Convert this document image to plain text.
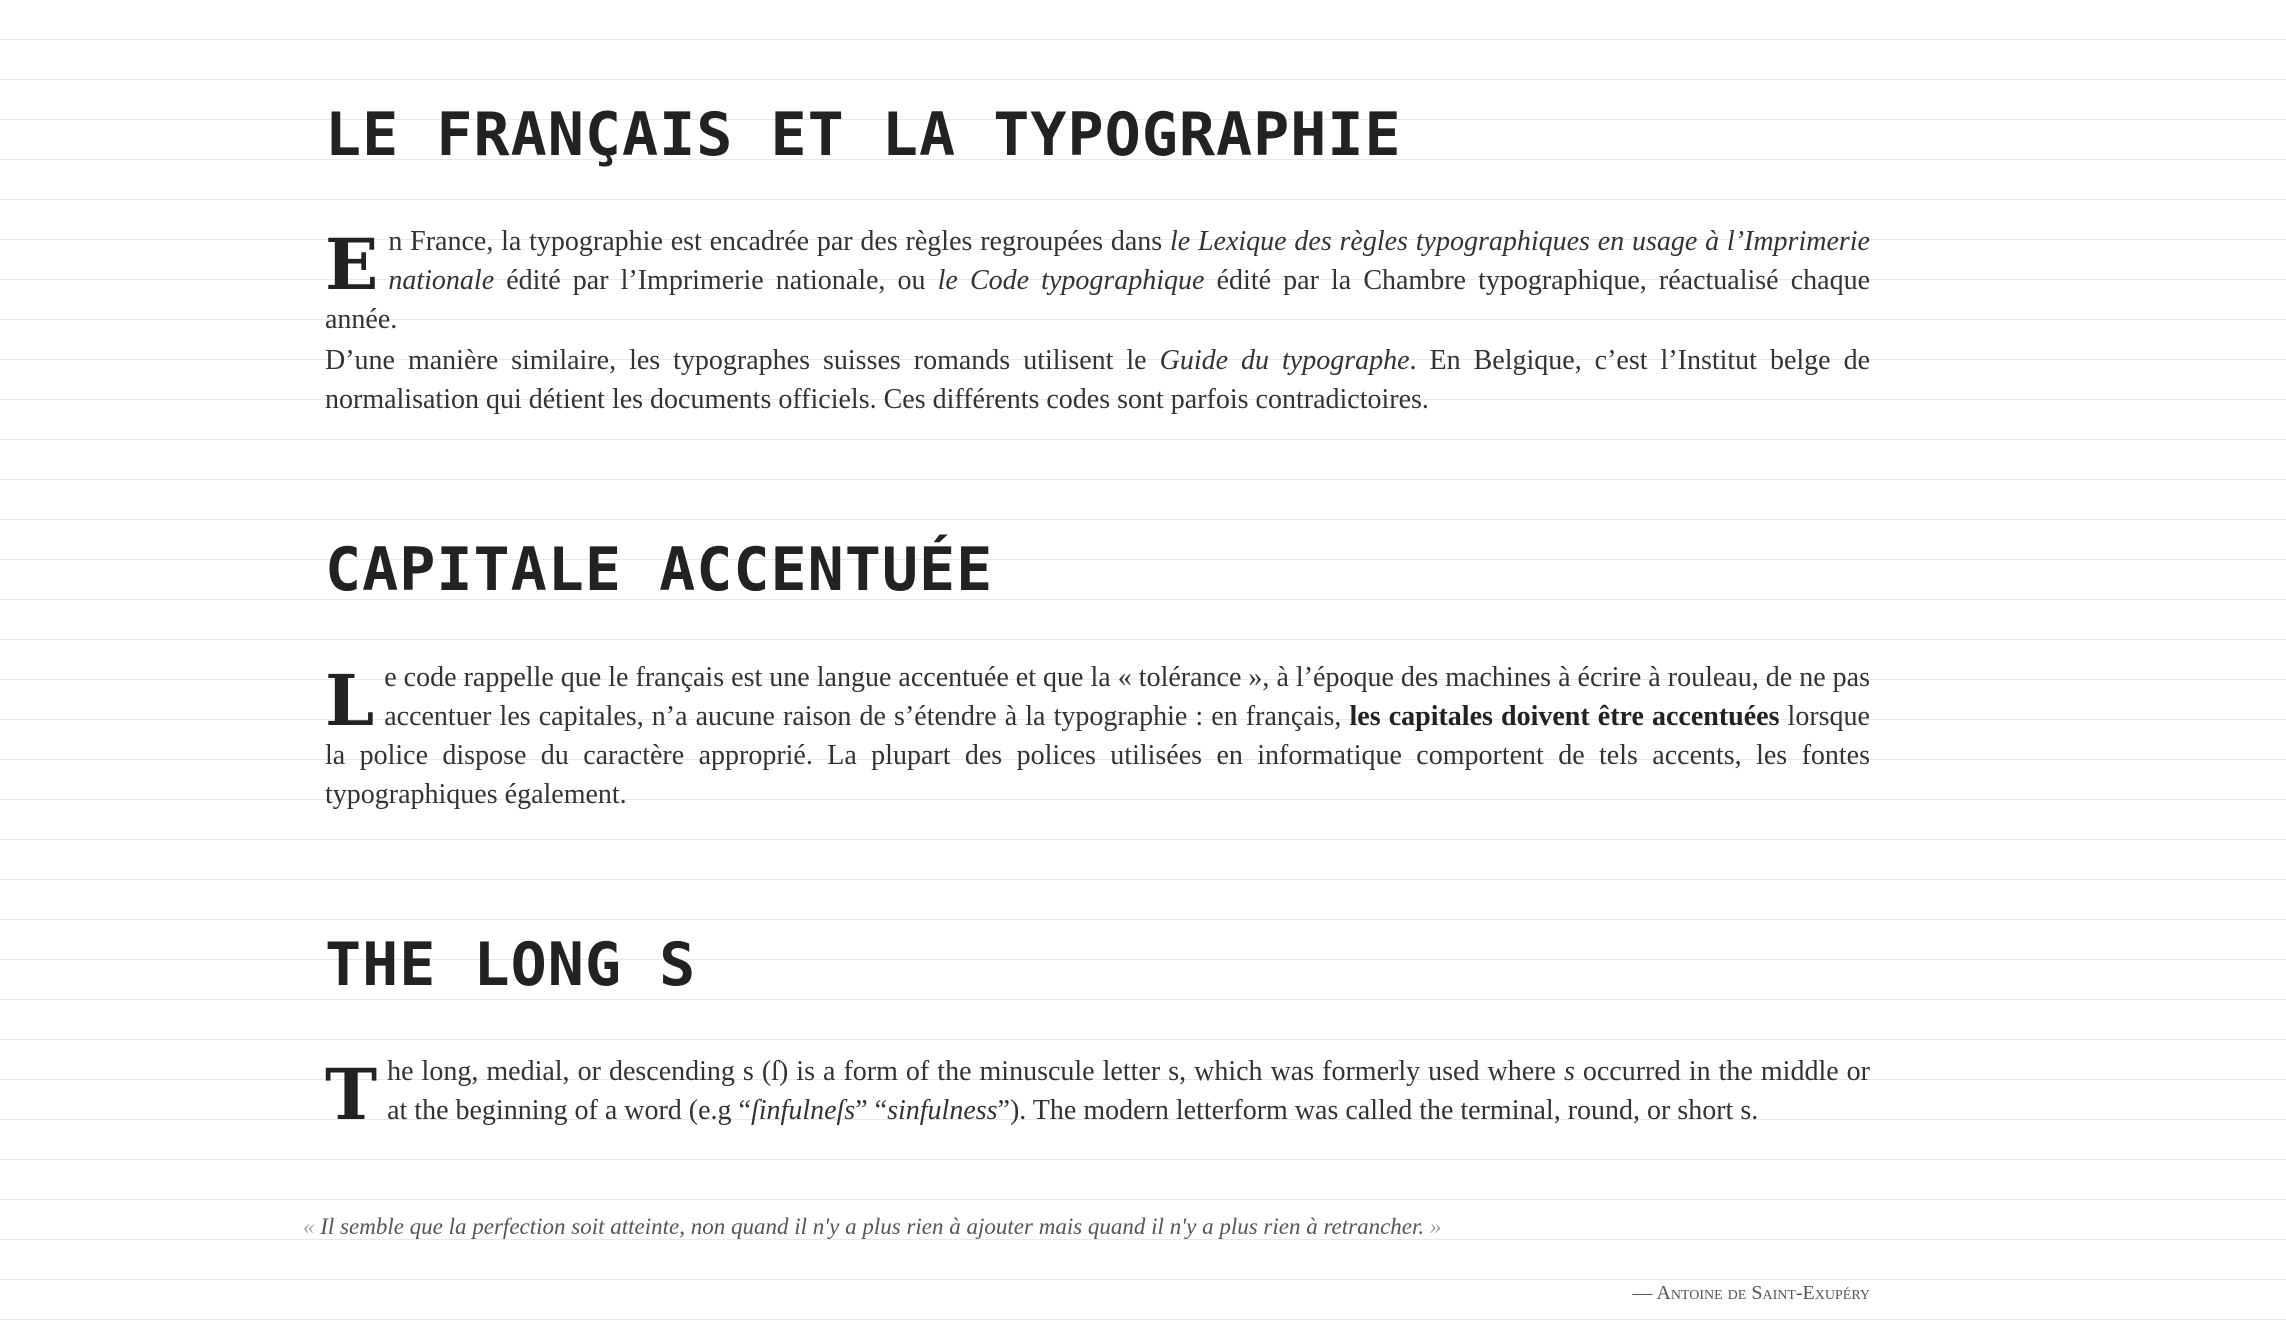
LE FRANÇAIS ET LA TYPOGRAPHIE

En France, la typographie est encadrée par des règles regroupées dans le Lexique des règles typographiques en usage à l’Imprimerie nationale édité par l’Imprimerie nationale, ou le Code typographique édité par la Chambre typographique, réactualisé chaque année.

D’une manière similaire, les typographes suisses romands utilisent le Guide du typographe. En Belgique, c’est l’Institut belge de normalisation qui détient les documents officiels. Ces différents codes sont parfois contradictoires.

CAPITALE ACCENTUÉE

Le code rappelle que le français est une langue accentuée et que la « tolérance », à l’époque des machines à écrire à rouleau, de ne pas accentuer les capitales, n’a aucune raison de s’étendre à la typographie : en français, les capitales doivent être accentuées lorsque la police dispose du caractère approprié. La plupart des polices utilisées en informatique comportent de tels accents, les fontes typographiques également.

THE LONG S

The long, medial, or descending s (ſ) is a form of the minuscule letter s, which was formerly used where s occurred in the middle or at the beginning of a word (e.g “ſinfulneſs” “sinfulness”). The modern letterform was called the terminal, round, or short s.

« Il semble que la perfection soit atteinte, non quand il n'y a plus rien à ajouter mais quand il n'y a plus rien à retrancher. »
— Antoine de Saint-Exupéry
